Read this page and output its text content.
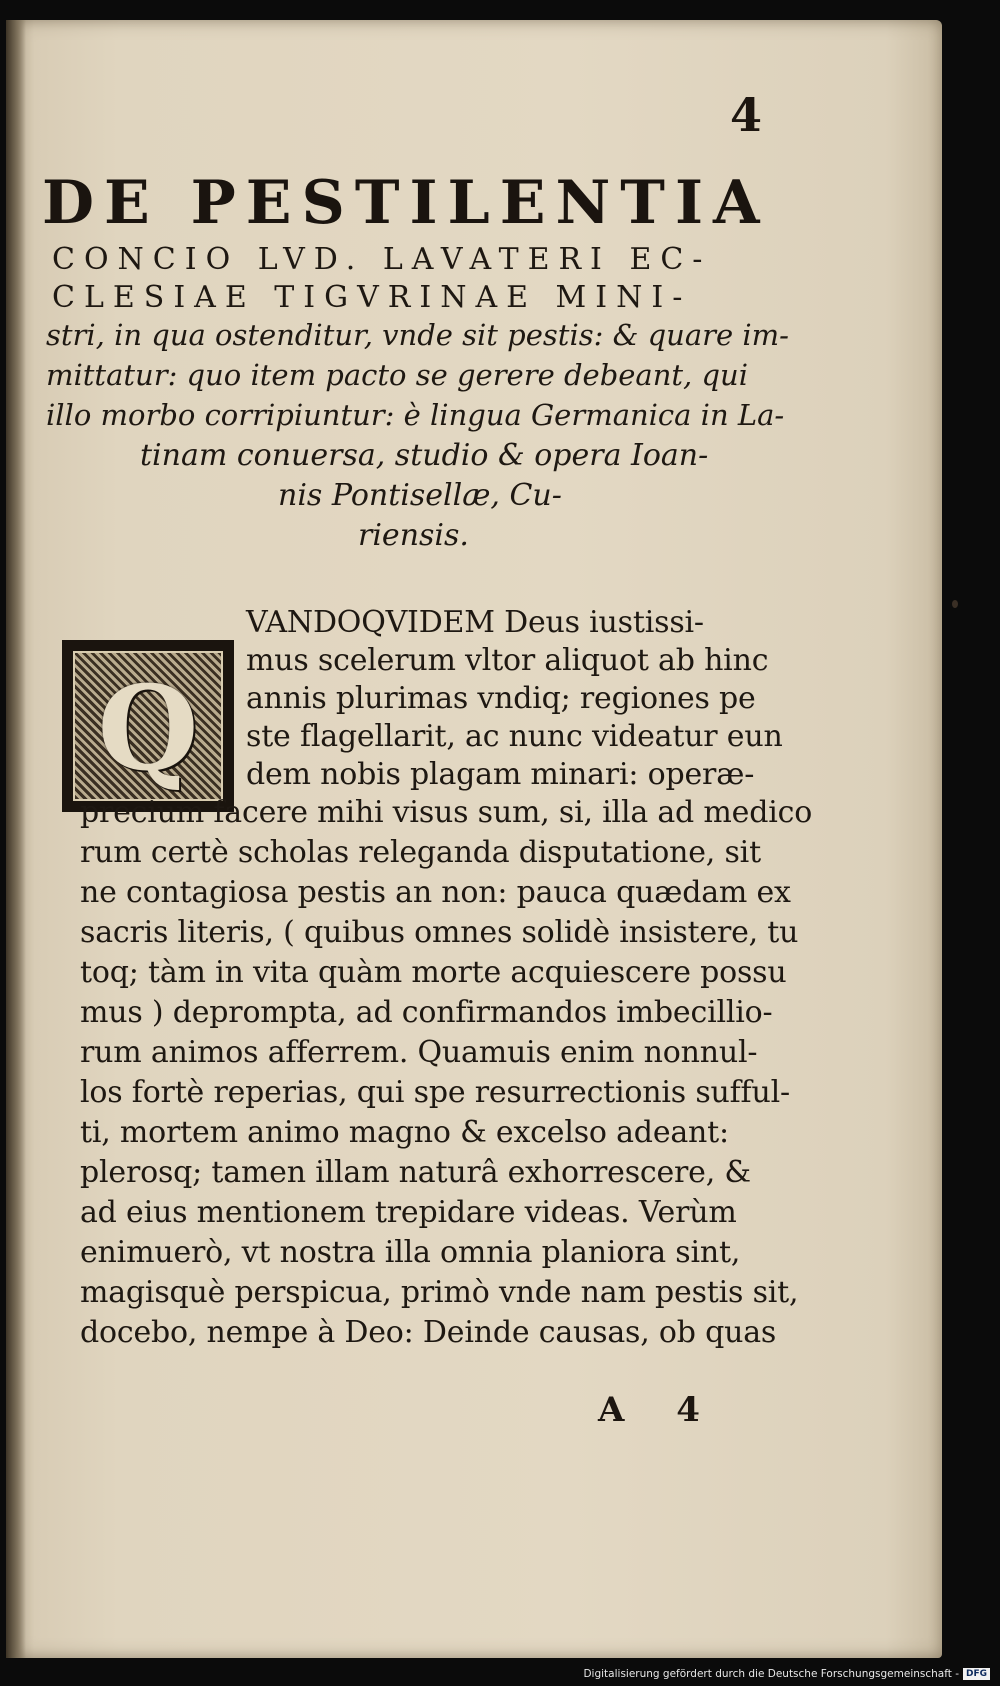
4
DE PESTILENTIA
CONCIO LVD. LAVATERI EC-
CLESIAE TIGVRINAE MINI-
stri, in qua ostenditur, vnde sit pestis: & quare im-
mittatur: quo item pacto se gerere debeant, qui
illo morbo corripiuntur: è lingua Germanica in La-
tinam conuersa, studio & opera Ioan-
nis Pontisellæ, Cu-
riensis.
Q
VANDOQVIDEM Deus iustissi-
mus scelerum vltor aliquot ab hinc
annis plurimas vndiq; regiones pe
ste flagellarit, ac nunc videatur eun
dem nobis plagam minari: operæ-
precium facere mihi visus sum, si, illa ad medico
rum certè scholas releganda disputatione, sit
ne contagiosa pestis an non: pauca quædam ex
sacris literis, ( quibus omnes solidè insistere, tu
toq; tàm in vita quàm morte acquiescere possu
mus ) deprompta, ad confirmandos imbecillio-
rum animos afferrem. Quamuis enim nonnul-
los fortè reperias, qui spe resurrectionis sufful-
ti, mortem animo magno & excelso adeant:
plerosq; tamen illam naturâ exhorrescere, &
ad eius mentionem trepidare videas. Verùm
enimuerò, vt nostra illa omnia planiora sint,
magisquè perspicua, primò vnde nam pestis sit,
docebo, nempe à Deo: Deinde causas, ob quas
A 4
Digitalisierung gefördert durch die Deutsche Forschungsgemeinschaft - DFG
